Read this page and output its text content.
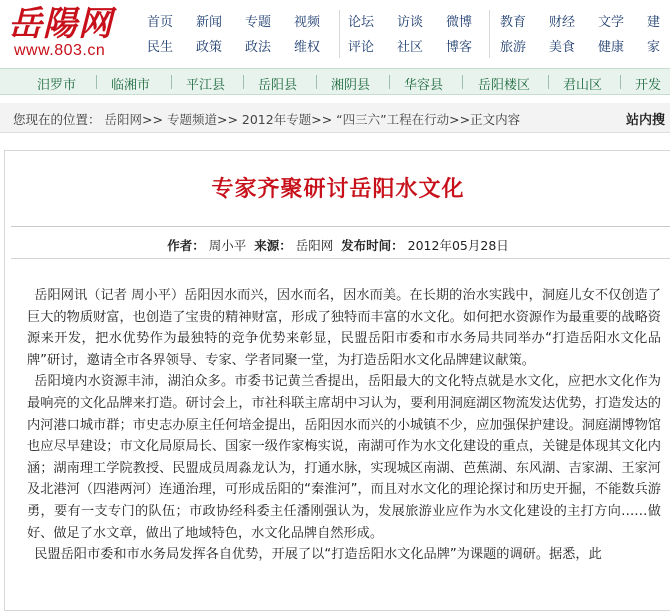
岳陽网
www.803.cn
首页
民生
新闻
政策
专题
政法
视频
维权
论坛
评论
访谈
社区
微博
博客
教育
旅游
财经
美食
文学
健康
建
家
汨罗市	临湘市	平江县	岳阳县	湘阴县	华容县	岳阳楼区	君山区	开发
您现在的位置： 岳阳网>> 专题频道>> 2012年专题>> “四三六”工程在行动>>正文内容	站内搜
专家齐聚研讨岳阳水文化
作者： 周小平 来源： 岳阳网 发布时间： 2012年05月28日

岳阳网讯（记者 周小平）岳阳因水而兴，因水而名，因水而美。在长期的治水实践中，洞庭儿女不仅创造了巨大的物质财富，也创造了宝贵的精神财富，形成了独特而丰富的水文化。如何把水资源作为最重要的战略资源来开发，把水优势作为最独特的竞争优势来彰显，民盟岳阳市委和市水务局共同举办“打造岳阳水文化品牌”研讨，邀请全市各界领导、专家、学者同聚一堂，为打造岳阳水文化品牌建议献策。

岳阳境内水资源丰沛，湖泊众多。市委书记黄兰香提出，岳阳最大的文化特点就是水文化，应把水文化作为最响亮的文化品牌来打造。研讨会上，市社科联主席胡中习认为，要利用洞庭湖区物流发达优势，打造发达的内河港口城市群；市史志办原主任何培金提出，岳阳因水而兴的小城镇不少，应加强保护建设。洞庭湖博物馆也应尽早建设；市文化局原局长、国家一级作家梅实说，南湖可作为水文化建设的重点，关键是体现其文化内涵；湖南理工学院教授、民盟成员周淼龙认为，打通水脉，实现城区南湖、芭蕉湖、东风湖、吉家湖、王家河及北港河（四港两河）连通治理，可形成岳阳的“秦淮河”，而且对水文化的理论探讨和历史开掘，不能数兵游勇，要有一支专门的队伍；市政协经科委主任潘刚强认为，发展旅游业应作为水文化建设的主打方向……做好、做足了水文章，做出了地域特色，水文化品牌自然形成。

民盟岳阳市委和市水务局发挥各自优势，开展了以“打造岳阳水文化品牌”为课题的调研。据悉，此
